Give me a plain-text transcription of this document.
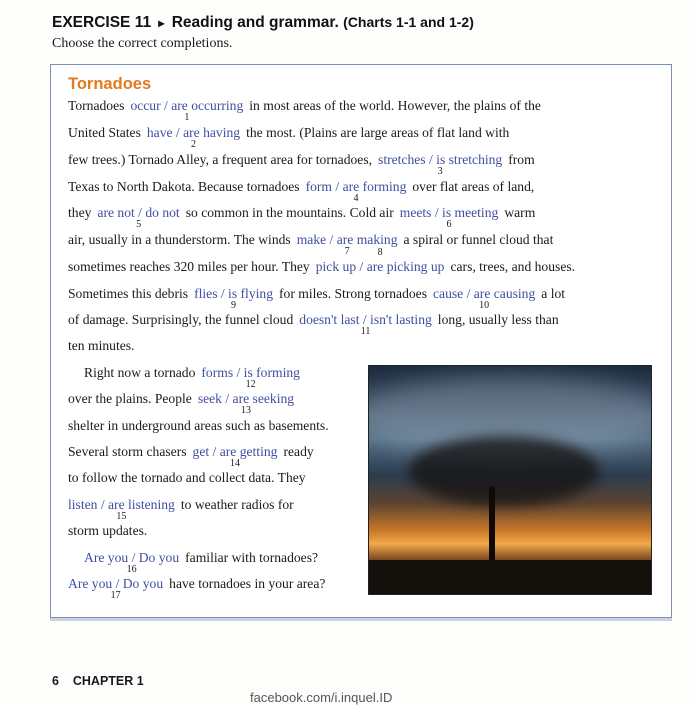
EXERCISE 11 ▸ Reading and grammar. (Charts 1-1 and 1-2)
Choose the correct completions.
Tornadoes
Tornadoes occur / are occurring
1
in most areas of the world. However, the plains of the
United States have / are having
2
the most. (Plains are large areas of flat land with
few trees.) Tornado Alley, a frequent area for tornadoes, stretches / is stretching
3
from
Texas to North Dakota. Because tornadoes form / are forming
4
over flat areas of land,
they are not / do not
5
so common in the mountains. Cold air meets / is meeting
6
warm
air, usually in a thunderstorm. The winds make / are making
7
a spiral or funnel cloud that
sometimes reaches 320 miles per hour. They pick up / are picking up
8
cars, trees, and houses.
Sometimes this debris flies / is flying
9
for miles. Strong tornadoes cause / are causing
10
a lot
of damage. Surprisingly, the funnel cloud doesn't last / isn't lasting
11
long, usually less than
ten minutes.
Right now a tornado forms / is forming
12
over the plains. People seek / are seeking
13
shelter in underground areas such as basements.
Several storm chasers get / are getting
14
ready
to follow the tornado and collect data. They
listen / are listening
15
to weather radios for
storm updates.
Are you / Do you
16
familiar with tornadoes?
Are you / Do you
17
have tornadoes in your area?
6 CHAPTER 1
facebook.com/i.inquel.ID
